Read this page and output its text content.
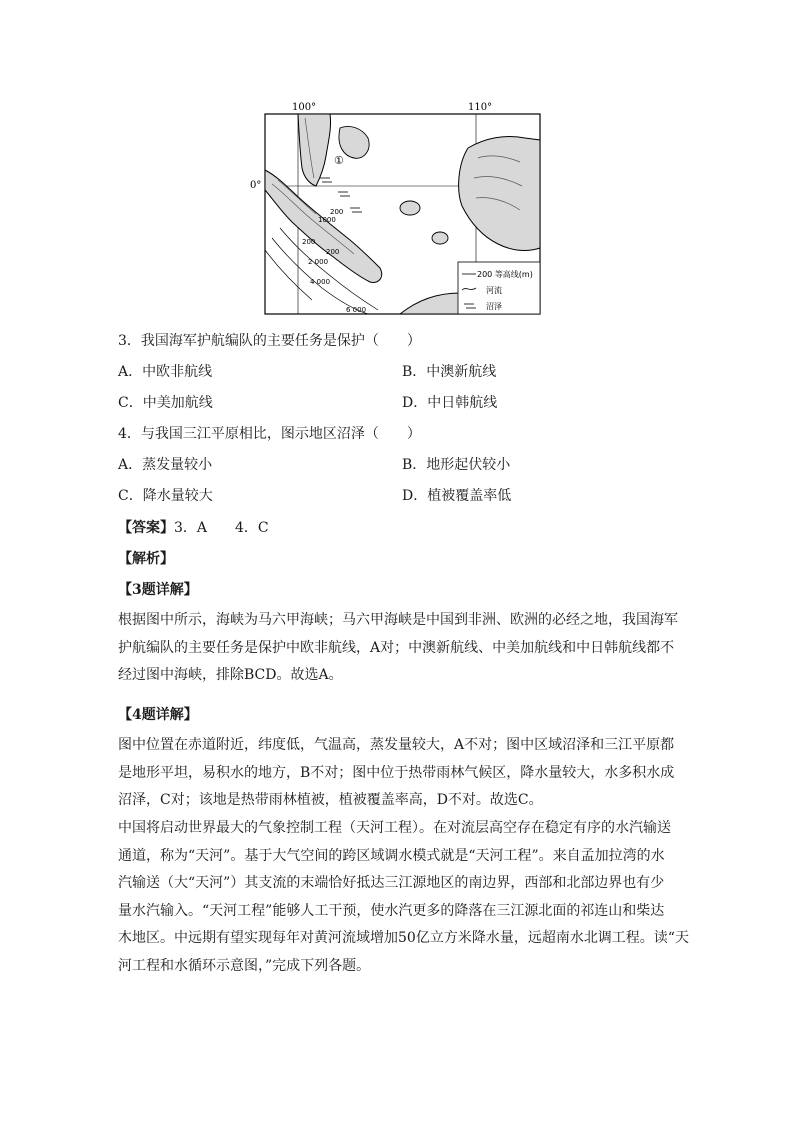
100°	110°
0°
①
200
1000
200
200
2 000
4 000
6 000
200 等高线(m)
河流
沼泽
3．我国海军护航编队的主要任务是保护（　　）
A．中欧非航线	B．中澳新航线
C．中美加航线	D．中日韩航线
4．与我国三江平原相比，图示地区沼泽（　　）
A．蒸发量较小	B．地形起伏较小
C．降水量较大	D．植被覆盖率低
【答案】3．A　　4．C
【解析】
【3题详解】
根据图中所示，海峡为马六甲海峡；马六甲海峡是中国到非洲、欧洲的必经之地，我国海军
护航编队的主要任务是保护中欧非航线，A对；中澳新航线、中美加航线和中日韩航线都不
经过图中海峡，排除BCD。故选A。
【4题详解】
图中位置在赤道附近，纬度低，气温高，蒸发量较大，A不对；图中区域沼泽和三江平原都
是地形平坦，易积水的地方，B不对；图中位于热带雨林气候区，降水量较大，水多积水成
沼泽，C对；该地是热带雨林植被，植被覆盖率高，D不对。故选C。
中国将启动世界最大的气象控制工程（天河工程）。在对流层高空存在稳定有序的水汽输送
通道，称为“天河”。基于大气空间的跨区域调水模式就是“天河工程”。来自孟加拉湾的水
汽输送（大“天河”）其支流的末端恰好抵达三江源地区的南边界，西部和北部边界也有少
量水汽输入。“天河工程”能够人工干预，使水汽更多的降落在三江源北面的祁连山和柴达
木地区。中远期有望实现每年对黄河流域增加50亿立方米降水量，远超南水北调工程。读“天
河工程和水循环示意图，”完成下列各题。
